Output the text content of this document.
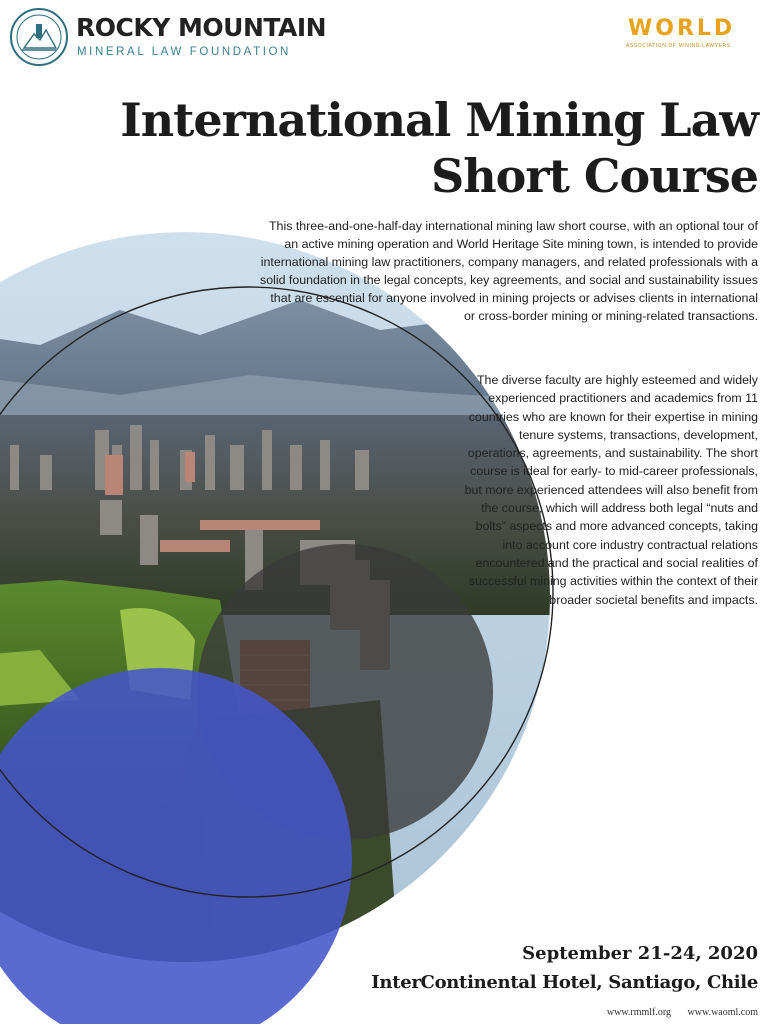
ROCKY MOUNTAIN
MINERAL LAW FOUNDATION
WORLD
ASSOCIATION OF MINING LAWYERS
International Mining Law
Short Course

This three-and-one-half-day international mining law short course, with an optional tour of an active mining operation and World Heritage Site mining town, is intended to provide international mining law practitioners, company managers, and related professionals with a solid foundation in the legal concepts, key agreements, and social and sustainability issues that are essential for anyone involved in mining projects or advises clients in international or cross-border mining or mining-related transactions.

The diverse faculty are highly esteemed and widely experienced practitioners and academics from 11 countries who are known for their expertise in mining tenure systems, transactions, development, operations, agreements, and sustainability. The short course is ideal for early- to mid-career professionals, but more experienced attendees will also benefit from the course, which will address both legal “nuts and bolts” aspects and more advanced concepts, taking into account core industry contractual relations encountered and the practical and social realities of successful mining activities within the context of their broader societal benefits and impacts.

September 21-24, 2020
InterContinental Hotel, Santiago, Chile
www.rmmlf.org www.waoml.com
